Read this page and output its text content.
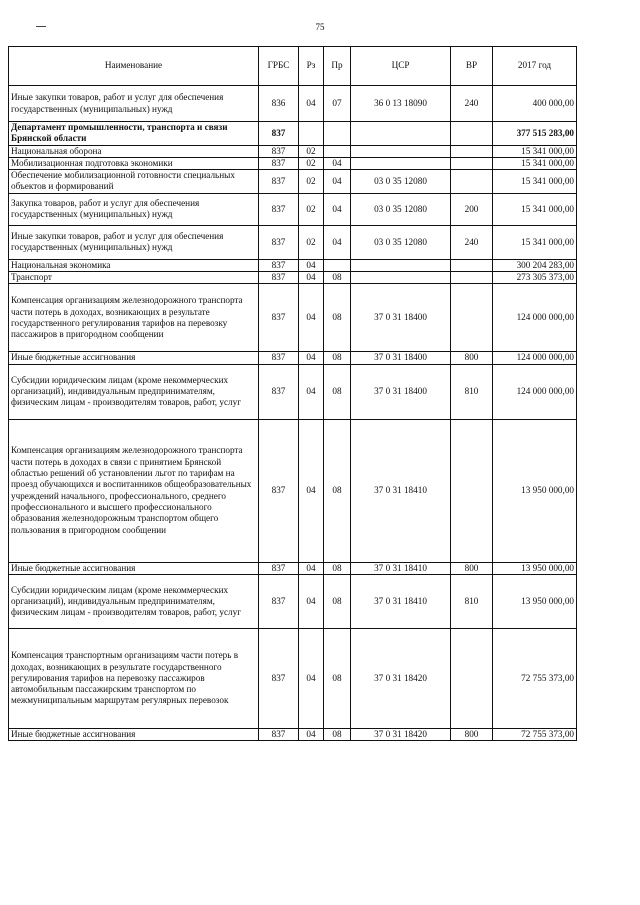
75
Наименование	ГРБС	Рз	Пр	ЦСР	ВР	2017 год
Иные закупки товаров, работ и услуг для обеспечения государственных (муниципальных) нужд	836	04	07	36 0 13 18090	240	400 000,00
Департамент промышленности, транспорта и связи Брянской области	837					377 515 283,00
Национальная оборона	837	02				15 341 000,00
Мобилизационная подготовка экономики	837	02	04			15 341 000,00
Обеспечение мобилизационной готовности специальных объектов и формирований	837	02	04	03 0 35 12080		15 341 000,00
Закупка товаров, работ и услуг для обеспечения государственных (муниципальных) нужд	837	02	04	03 0 35 12080	200	15 341 000,00
Иные закупки товаров, работ и услуг для обеспечения государственных (муниципальных) нужд	837	02	04	03 0 35 12080	240	15 341 000,00
Национальная экономика	837	04				300 204 283,00
Транспорт	837	04	08			273 305 373,00
Компенсация организациям железнодорожного транспорта части потерь в доходах, возникающих в результате государственного регулирования тарифов на перевозку пассажиров в пригородном сообщении	837	04	08	37 0 31 18400		124 000 000,00
Иные бюджетные ассигнования	837	04	08	37 0 31 18400	800	124 000 000,00
Субсидии юридическим лицам (кроме некоммерческих организаций), индивидуальным предпринимателям, физическим лицам - производителям товаров, работ, услуг	837	04	08	37 0 31 18400	810	124 000 000,00
Компенсация организациям железнодорожного транспорта части потерь в доходах в связи с принятием Брянской областью решений об установлении льгот по тарифам на проезд обучающихся и воспитанников общеобразовательных учреждений начального, профессионального, среднего профессионального и высшего профессионального образования железнодорожным транспортом общего пользования в пригородном сообщении	837	04	08	37 0 31 18410		13 950 000,00
Иные бюджетные ассигнования	837	04	08	37 0 31 18410	800	13 950 000,00
Субсидии юридическим лицам (кроме некоммерческих организаций), индивидуальным предпринимателям, физическим лицам - производителям товаров, работ, услуг	837	04	08	37 0 31 18410	810	13 950 000,00
Компенсация транспортным организациям части потерь в доходах, возникающих в результате государственного регулирования тарифов на перевозку пассажиров автомобильным пассажирским транспортом по межмуниципальным маршрутам регулярных перевозок	837	04	08	37 0 31 18420		72 755 373,00
Иные бюджетные ассигнования	837	04	08	37 0 31 18420	800	72 755 373,00
